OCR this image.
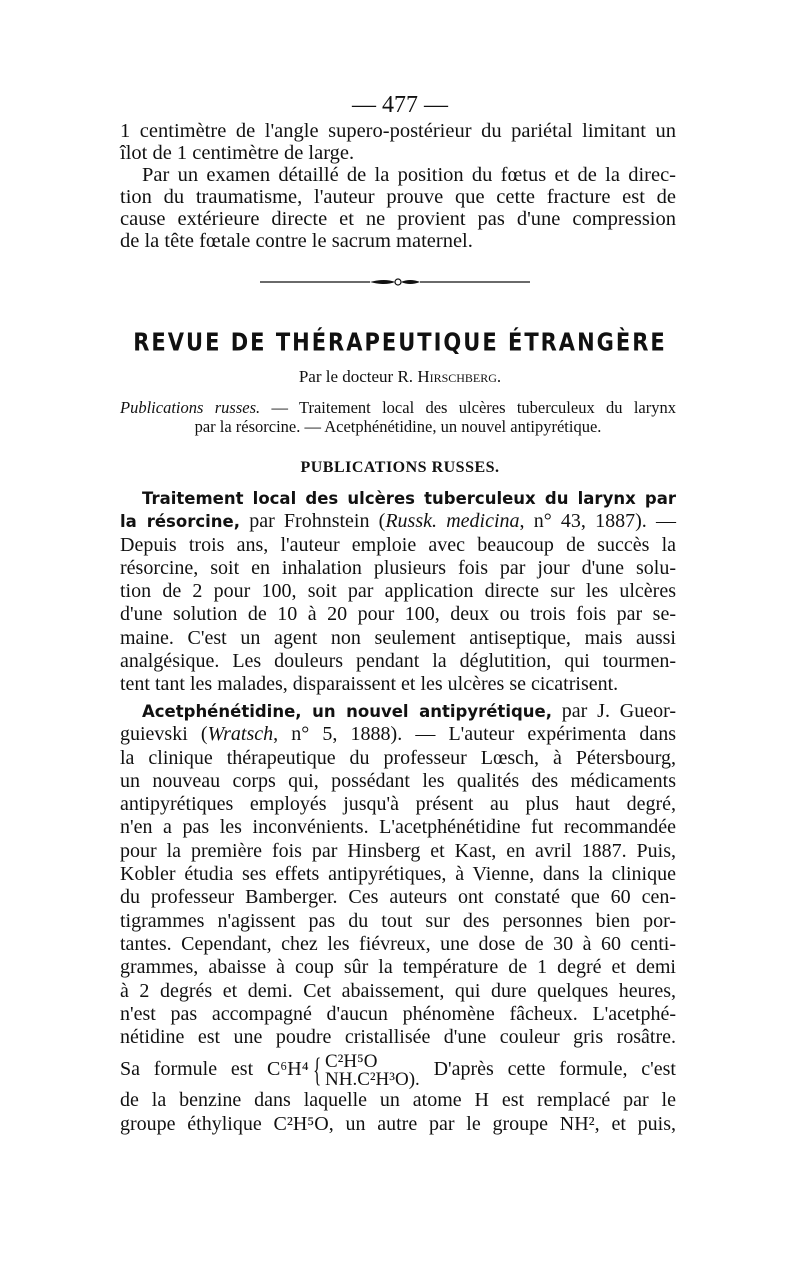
— 477 —

1 centimètre de l'angle supero-postérieur du pariétal limitant un

îlot de 1 centimètre de large.

Par un examen détaillé de la position du fœtus et de la direc-

tion du traumatisme, l'auteur prouve que cette fracture est de

cause extérieure directe et ne provient pas d'une compression

de la tête fœtale contre le sacrum maternel.

REVUE DE THÉRAPEUTIQUE ÉTRANGÈRE
Par le docteur R. Hirschberg.

Publications russes. — Traitement local des ulcères tuberculeux du larynx

par la résorcine. — Acetphénétidine, un nouvel antipyrétique.

PUBLICATIONS RUSSES.

Traitement local des ulcères tuberculeux du larynx par

la résorcine, par Frohnstein (Russk. medicina, n° 43, 1887). —

Depuis trois ans, l'auteur emploie avec beaucoup de succès la

résorcine, soit en inhalation plusieurs fois par jour d'une solu-

tion de 2 pour 100, soit par application directe sur les ulcères

d'une solution de 10 à 20 pour 100, deux ou trois fois par se-

maine. C'est un agent non seulement antiseptique, mais aussi

analgésique. Les douleurs pendant la déglutition, qui tourmen-

tent tant les malades, disparaissent et les ulcères se cicatrisent.

Acetphénétidine, un nouvel antipyrétique, par J. Gueor-

guievski (Wratsch, n° 5, 1888). — L'auteur expérimenta dans

la clinique thérapeutique du professeur Lœsch, à Pétersbourg,

un nouveau corps qui, possédant les qualités des médicaments

antipyrétiques employés jusqu'à présent au plus haut degré,

n'en a pas les inconvénients. L'acetphénétidine fut recommandée

pour la première fois par Hinsberg et Kast, en avril 1887. Puis,

Kobler étudia ses effets antipyrétiques, à Vienne, dans la clinique

du professeur Bamberger. Ces auteurs ont constaté que 60 cen-

tigrammes n'agissent pas du tout sur des personnes bien por-

tantes. Cependant, chez les fiévreux, une dose de 30 à 60 centi-

grammes, abaisse à coup sûr la température de 1 degré et demi

à 2 degrés et demi. Cet abaissement, qui dure quelques heures,

n'est pas accompagné d'aucun phénomène fâcheux. L'acetphé-

nétidine est une poudre cristallisée d'une couleur gris rosâtre.

Sa formule est C⁶H⁴ { C²H⁵O
NH.C²H³O). D'après cette formule, c'est

de la benzine dans laquelle un atome H est remplacé par le

groupe éthylique C²H⁵O, un autre par le groupe NH², et puis,
